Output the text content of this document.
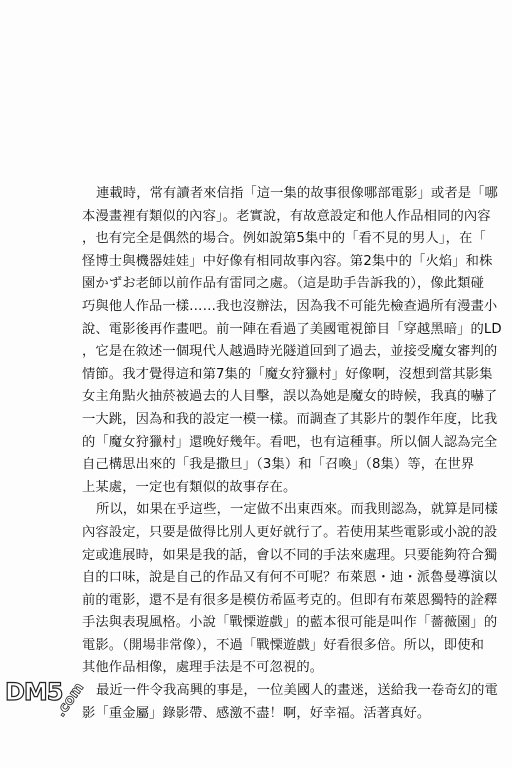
連載時，常有讀者來信指「這一集的故事很像哪部電影」或者是「哪
本漫畫裡有類似的內容」。老實說，有故意設定和他人作品相同的內容
，也有完全是偶然的場合。例如說第5集中的「看不見的男人」，在「
怪博士與機器娃娃」中好像有相同故事內容。第2集中的「火焰」和株
園かずお老師以前作品有雷同之處。（這是助手告訴我的），像此類碰
巧與他人作品一樣……我也沒辦法，因為我不可能先檢查過所有漫畫小
說、電影後再作畫吧。前一陣在看過了美國電視節目「穿越黑暗」的LD
，它是在敘述一個現代人越過時光隧道回到了過去，並接受魔女審判的
情節。我才覺得這和第7集的「魔女狩獵村」好像啊，沒想到當其影集
女主角點火抽菸被過去的人目擊，誤以為她是魔女的時候，我真的嚇了
一大跳，因為和我的設定一模一樣。而調查了其影片的製作年度，比我
的「魔女狩獵村」還晚好幾年。看吧，也有這種事。所以個人認為完全
自己構思出來的「我是撒旦」（3集）和「召喚」（8集）等，在世界
上某處，一定也有類似的故事存在。
所以，如果在乎這些，一定做不出東西來。而我則認為，就算是同樣
內容設定，只要是做得比別人更好就行了。若使用某些電影或小說的設
定或進展時，如果是我的話，會以不同的手法來處理。只要能夠符合獨
自的口味，說是自己的作品又有何不可呢？布萊恩・迪・派魯曼導演以
前的電影，還不是有很多是模仿希區考克的。但即有布萊恩獨特的詮釋
手法與表現風格。小說「戰慄遊戲」的藍本很可能是叫作「薔薇園」的
電影。（開場非常像），不過「戰慄遊戲」好看很多倍。所以，即使和
其他作品相像，處理手法是不可忽視的。
最近一件令我高興的事是，一位美國人的畫迷，送給我一卷奇幻的電
影「重金屬」錄影帶、感激不盡！啊，好幸福。活著真好。
DM5
.com
